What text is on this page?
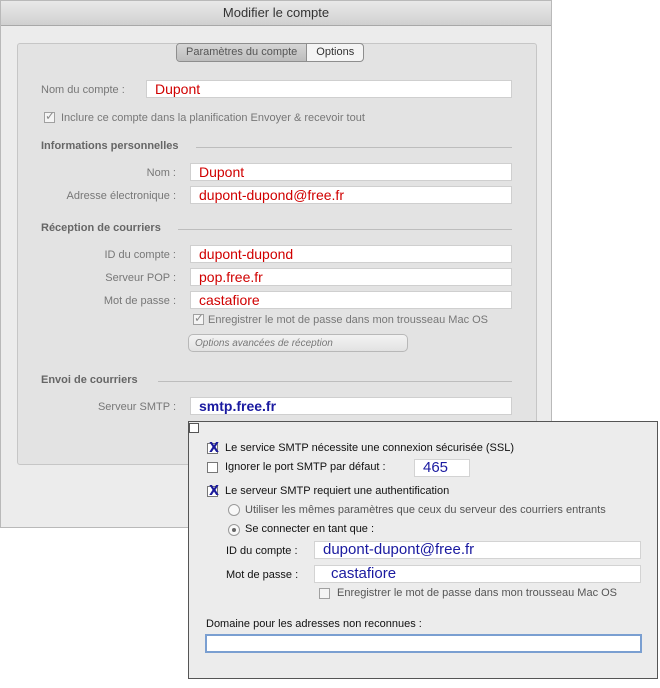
Modifier le compte
Paramètres du compte	Options
Nom du compte :	Dupont
✓
Inclure ce compte dans la planification Envoyer & recevoir tout
Informations personnelles
Nom :	Dupont
Adresse électronique :	dupont-dupond@free.fr
Réception de courriers
ID du compte :	dupont-dupond
Serveur POP :	pop.free.fr
Mot de passe :	castafiore
✓
Enregistrer le mot de passe dans mon trousseau Mac OS
Options avancées de réception
Envoi de courriers
Serveur SMTP :	smtp.free.fr
X
Le service SMTP nécessite une connexion sécurisée (SSL)
Ignorer le port SMTP par défaut :	465
X
Le serveur SMTP requiert une authentification
Utiliser les mêmes paramètres que ceux du serveur des courriers entrants
Se connecter en tant que :
ID du compte :	dupont-dupont@free.fr
Mot de passe :	castafiore
Enregistrer le mot de passe dans mon trousseau Mac OS
Domaine pour les adresses non reconnues :
